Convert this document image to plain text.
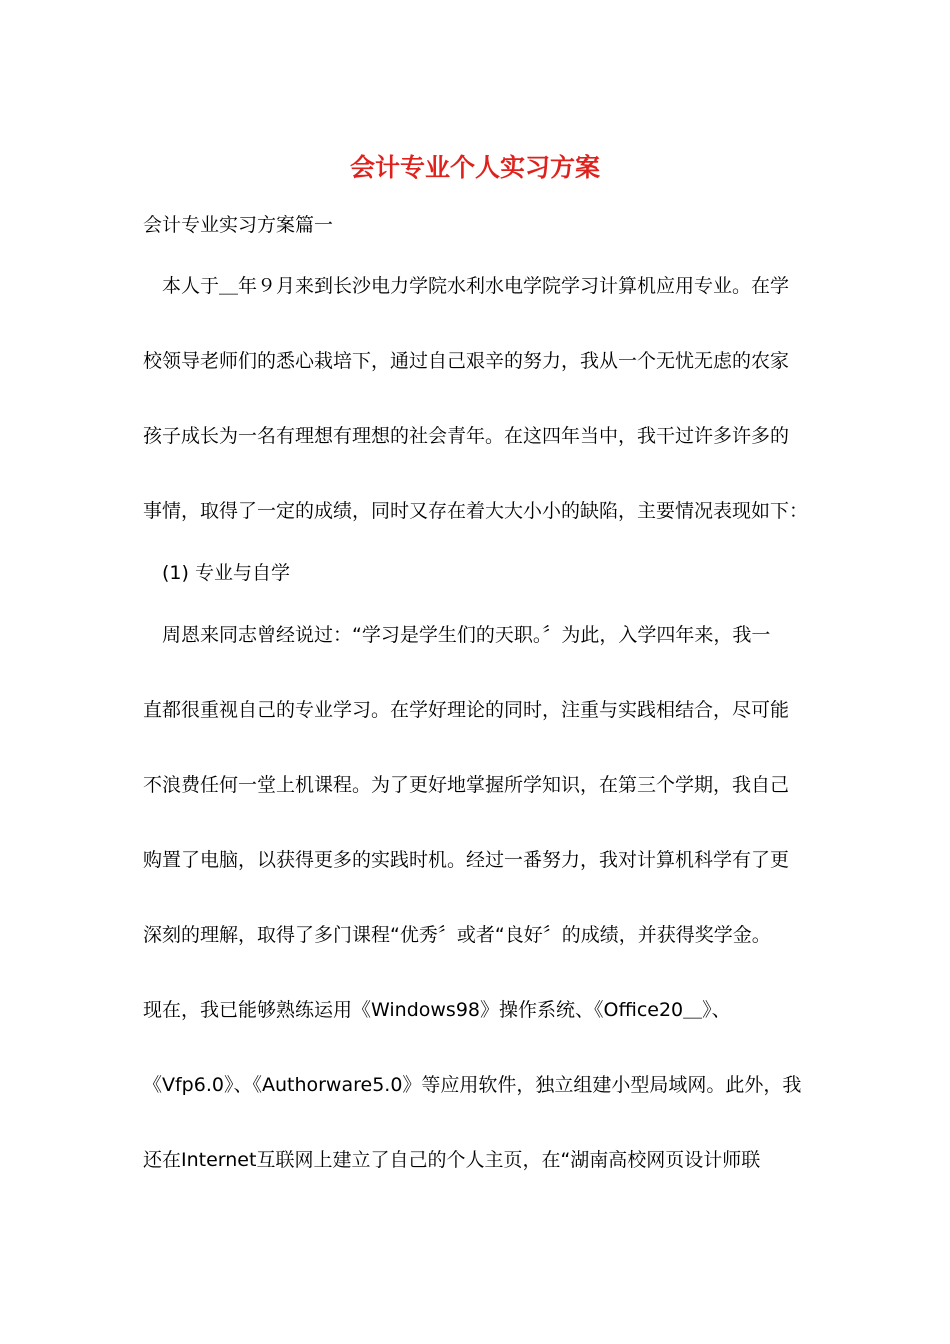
会计专业个人实习方案
会计专业实习方案篇一
　本人于＿年９月来到长沙电力学院水利水电学院学习计算机应用专业。在学
校领导老师们的悉心栽培下，通过自己艰辛的努力，我从一个无忧无虑的农家
孩子成长为一名有理想有理想的社会青年。在这四年当中，我干过许多许多的
事情，取得了一定的成绩，同时又存在着大大小小的缺陷，主要情况表现如下：
　(1) 专业与自学
　周恩来同志曾经说过：“学习是学生们的天职。〞为此，入学四年来，我一
直都很重视自己的专业学习。在学好理论的同时，注重与实践相结合，尽可能
不浪费任何一堂上机课程。为了更好地掌握所学知识，在第三个学期，我自己
购置了电脑，以获得更多的实践时机。经过一番努力，我对计算机科学有了更
深刻的理解，取得了多门课程“优秀〞或者“良好〞的成绩，并获得奖学金。
现在，我已能够熟练运用《Windows98》操作系统、《Office20＿》、
《Vfp6.0》、《Authorware5.0》等应用软件，独立组建小型局域网。此外，我
还在Internet互联网上建立了自己的个人主页，在“湖南高校网页设计师联
